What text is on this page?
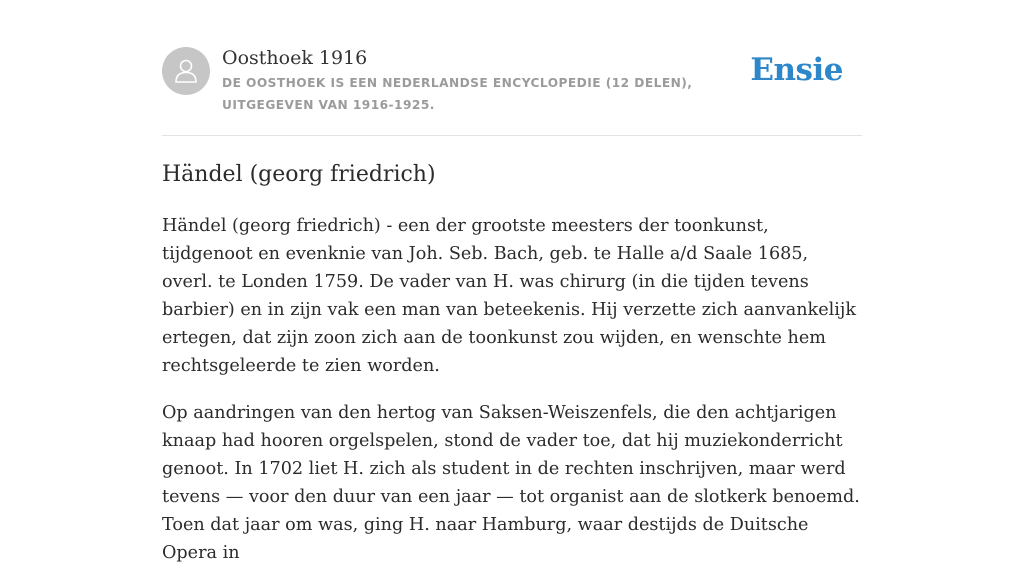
Oosthoek 1916
DE OOSTHOEK IS EEN NEDERLANDSE ENCYCLOPEDIE (12 DELEN), UITGEGEVEN VAN 1916-1925.
Ensie
Händel (georg friedrich)

Händel (georg friedrich) - een der grootste meesters der toonkunst, tijdgenoot en evenknie van Joh. Seb. Bach, geb. te Halle a/d Saale 1685, overl. te Londen 1759. De vader van H. was chirurg (in die tijden tevens barbier) en in zijn vak een man van beteekenis. Hij verzette zich aanvankelijk ertegen, dat zijn zoon zich aan de toonkunst zou wijden, en wenschte hem rechtsgeleerde te zien worden.

Op aandringen van den hertog van Saksen-Weiszenfels, die den achtjarigen knaap had hooren orgelspelen, stond de vader toe, dat hij muziekonderricht genoot. In 1702 liet H. zich als student in de rechten inschrijven, maar werd tevens — voor den duur van een jaar — tot organist aan de slotkerk benoemd. Toen dat jaar om was, ging H. naar Hamburg, waar destijds de Duitsche Opera in
